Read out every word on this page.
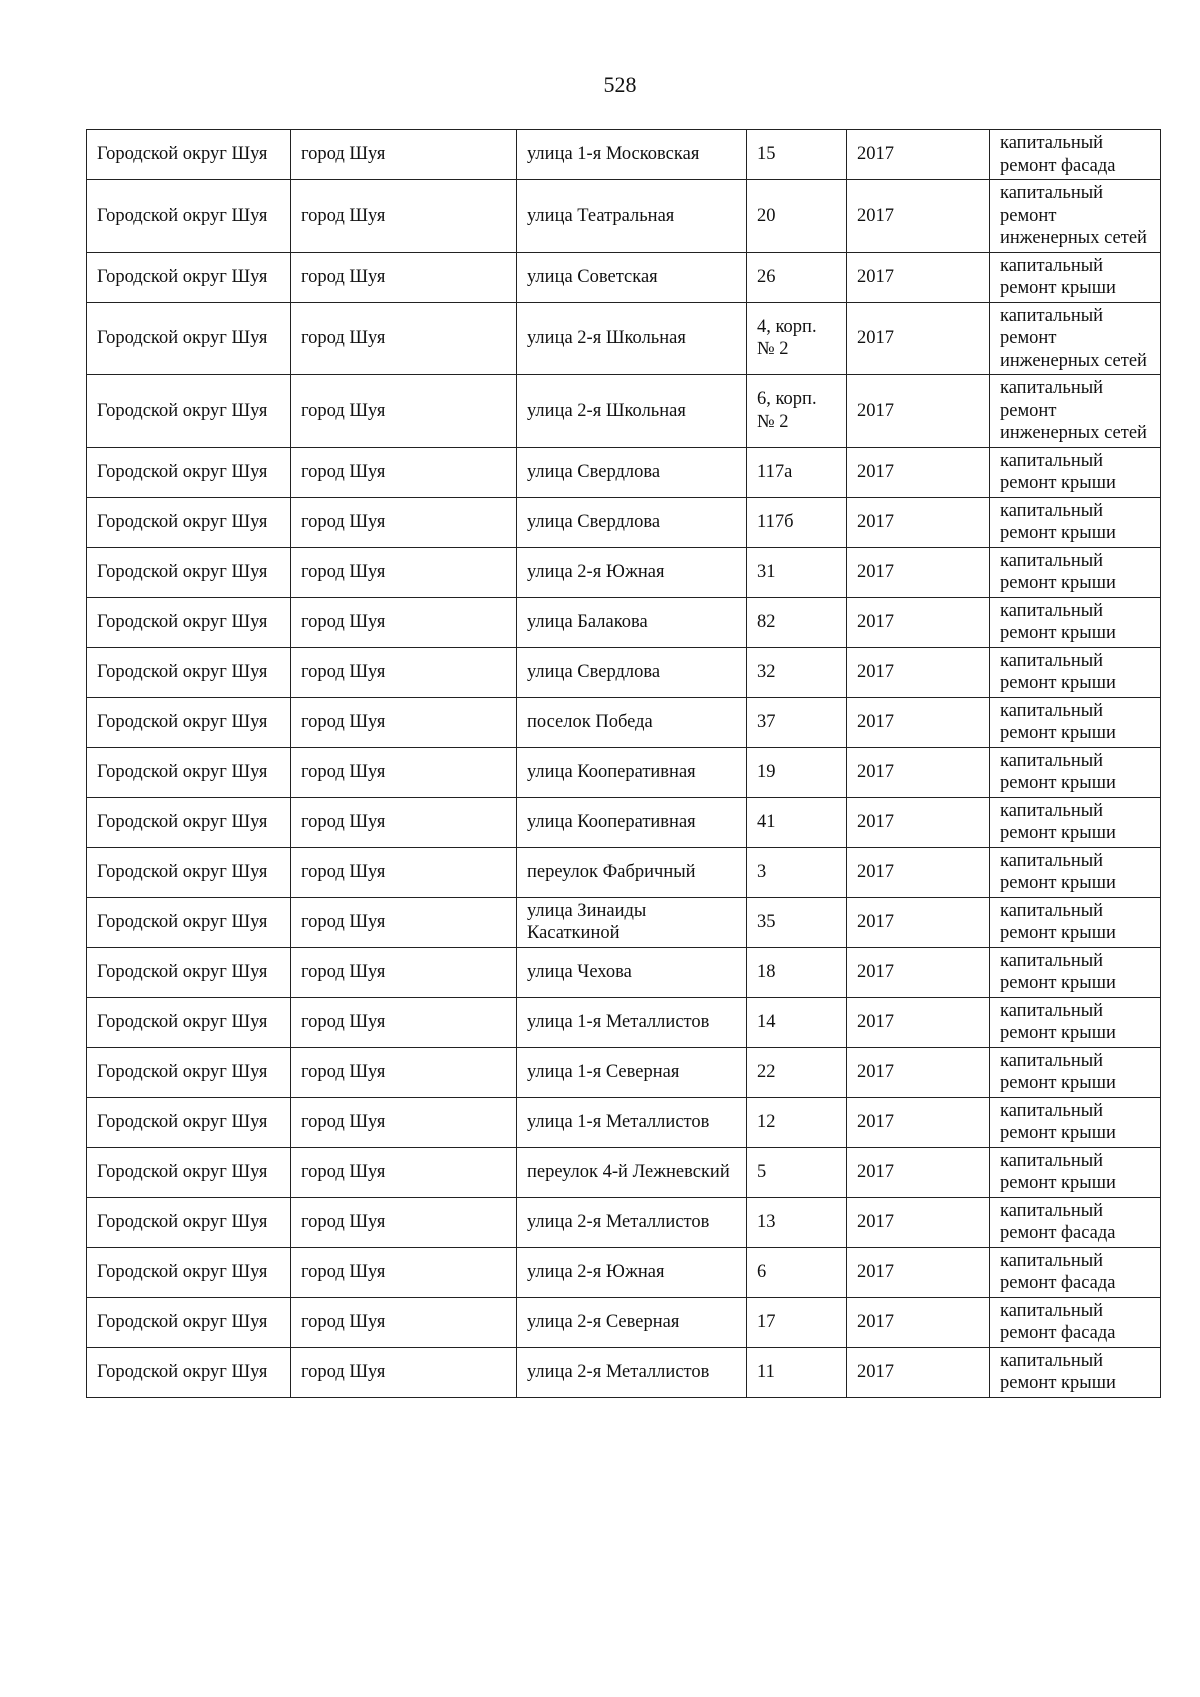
528
Городской округ Шуя	город Шуя	улица 1-я Московская	15	2017	капитальный ремонт фасада
Городской округ Шуя	город Шуя	улица Театральная	20	2017	капитальный ремонт инженерных сетей
Городской округ Шуя	город Шуя	улица Советская	26	2017	капитальный ремонт крыши
Городской округ Шуя	город Шуя	улица 2-я Школьная	4, корп. № 2	2017	капитальный ремонт инженерных сетей
Городской округ Шуя	город Шуя	улица 2-я Школьная	6, корп. № 2	2017	капитальный ремонт инженерных сетей
Городской округ Шуя	город Шуя	улица Свердлова	117а	2017	капитальный ремонт крыши
Городской округ Шуя	город Шуя	улица Свердлова	117б	2017	капитальный ремонт крыши
Городской округ Шуя	город Шуя	улица 2-я Южная	31	2017	капитальный ремонт крыши
Городской округ Шуя	город Шуя	улица Балакова	82	2017	капитальный ремонт крыши
Городской округ Шуя	город Шуя	улица Свердлова	32	2017	капитальный ремонт крыши
Городской округ Шуя	город Шуя	поселок Победа	37	2017	капитальный ремонт крыши
Городской округ Шуя	город Шуя	улица Кооперативная	19	2017	капитальный ремонт крыши
Городской округ Шуя	город Шуя	улица Кооперативная	41	2017	капитальный ремонт крыши
Городской округ Шуя	город Шуя	переулок Фабричный	3	2017	капитальный ремонт крыши
Городской округ Шуя	город Шуя	улица Зинаиды Касаткиной	35	2017	капитальный ремонт крыши
Городской округ Шуя	город Шуя	улица Чехова	18	2017	капитальный ремонт крыши
Городской округ Шуя	город Шуя	улица 1-я Металлистов	14	2017	капитальный ремонт крыши
Городской округ Шуя	город Шуя	улица 1-я Северная	22	2017	капитальный ремонт крыши
Городской округ Шуя	город Шуя	улица 1-я Металлистов	12	2017	капитальный ремонт крыши
Городской округ Шуя	город Шуя	переулок 4-й Лежневский	5	2017	капитальный ремонт крыши
Городской округ Шуя	город Шуя	улица 2-я Металлистов	13	2017	капитальный ремонт фасада
Городской округ Шуя	город Шуя	улица 2-я Южная	6	2017	капитальный ремонт фасада
Городской округ Шуя	город Шуя	улица 2-я Северная	17	2017	капитальный ремонт фасада
Городской округ Шуя	город Шуя	улица 2-я Металлистов	11	2017	капитальный ремонт крыши
